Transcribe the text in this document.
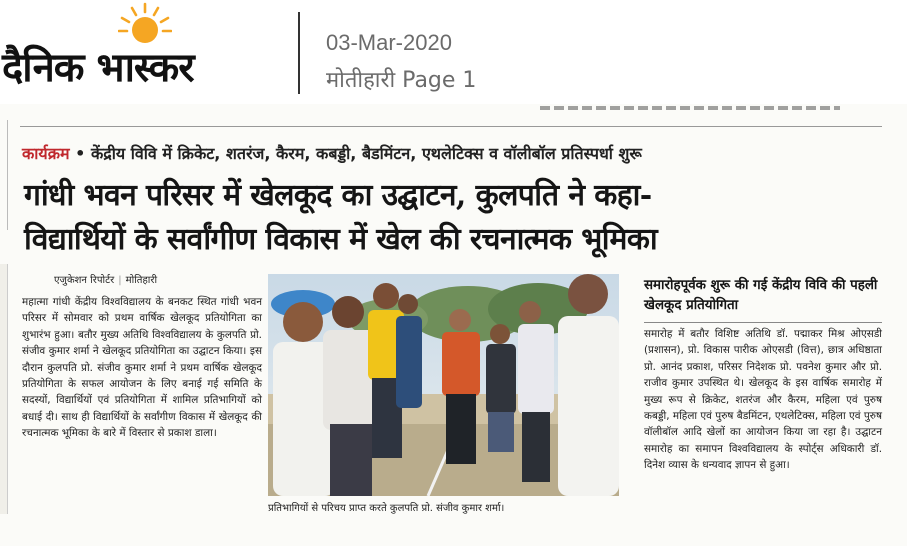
दैनिक भास्कर
03-Mar-2020
मोतीहारी Page 1
कार्यक्रम • केंद्रीय विवि में क्रिकेट, शतरंज, कैरम, कबड्डी, बैडमिंटन, एथलेटिक्स व वॉलीबॉल प्रतिस्पर्धा शुरू
गांधी भवन परिसर में खेलकूद का उद्घाटन, कुलपति ने कहा-
विद्यार्थियों के सर्वांगीण विकास में खेल की रचनात्मक भूमिका
एजुकेशन रिपोर्टर | मोतिहारी
महात्मा गांधी केंद्रीय विश्वविद्यालय के बनकट स्थित गांधी भवन परिसर में सोमवार को प्रथम वार्षिक खेलकूद प्रतियोगिता का शुभारंभ हुआ। बतौर मुख्य अतिथि विश्वविद्यालय के कुलपति प्रो. संजीव कुमार शर्मा ने खेलकूद प्रतियोगिता का उद्घाटन किया। इस दौरान कुलपति प्रो. संजीव कुमार शर्मा ने प्रथम वार्षिक खेलकूद प्रतियोगिता के सफल आयोजन के लिए बनाई गई समिति के सदस्यों, विद्यार्थियों एवं प्रतियोगिता में शामिल प्रतिभागियों को बधाई दी। साथ ही विद्यार्थियों के सर्वांगीण विकास में खेलकूद की रचनात्मक भूमिका के बारे में विस्तार से प्रकाश डाला।
प्रतिभागियों से परिचय प्राप्त करते कुलपति प्रो. संजीव कुमार शर्मा।
समारोहपूर्वक शुरू की गई केंद्रीय विवि की पहली खेलकूद प्रतियोगिता
समारोह में बतौर विशिष्ट अतिथि डॉ. पद्माकर मिश्र ओएसडी (प्रशासन), प्रो. विकास पारीक ओएसडी (वित्त), छात्र अधिष्ठाता प्रो. आनंद प्रकाश, परिसर निदेशक प्रो. पवनेश कुमार और प्रो. राजीव कुमार उपस्थित थे। खेलकूद के इस वार्षिक समारोह में मुख्य रूप से क्रिकेट, शतरंज और कैरम, महिला एवं पुरुष कबड्डी, महिला एवं पुरुष बैडमिंटन, एथलेटिक्स, महिला एवं पुरुष वॉलीबॉल आदि खेलों का आयोजन किया जा रहा है। उद्घाटन समारोह का समापन विश्वविद्यालय के स्पोर्ट्स अधिकारी डॉ. दिनेश व्यास के धन्यवाद ज्ञापन से हुआ।
